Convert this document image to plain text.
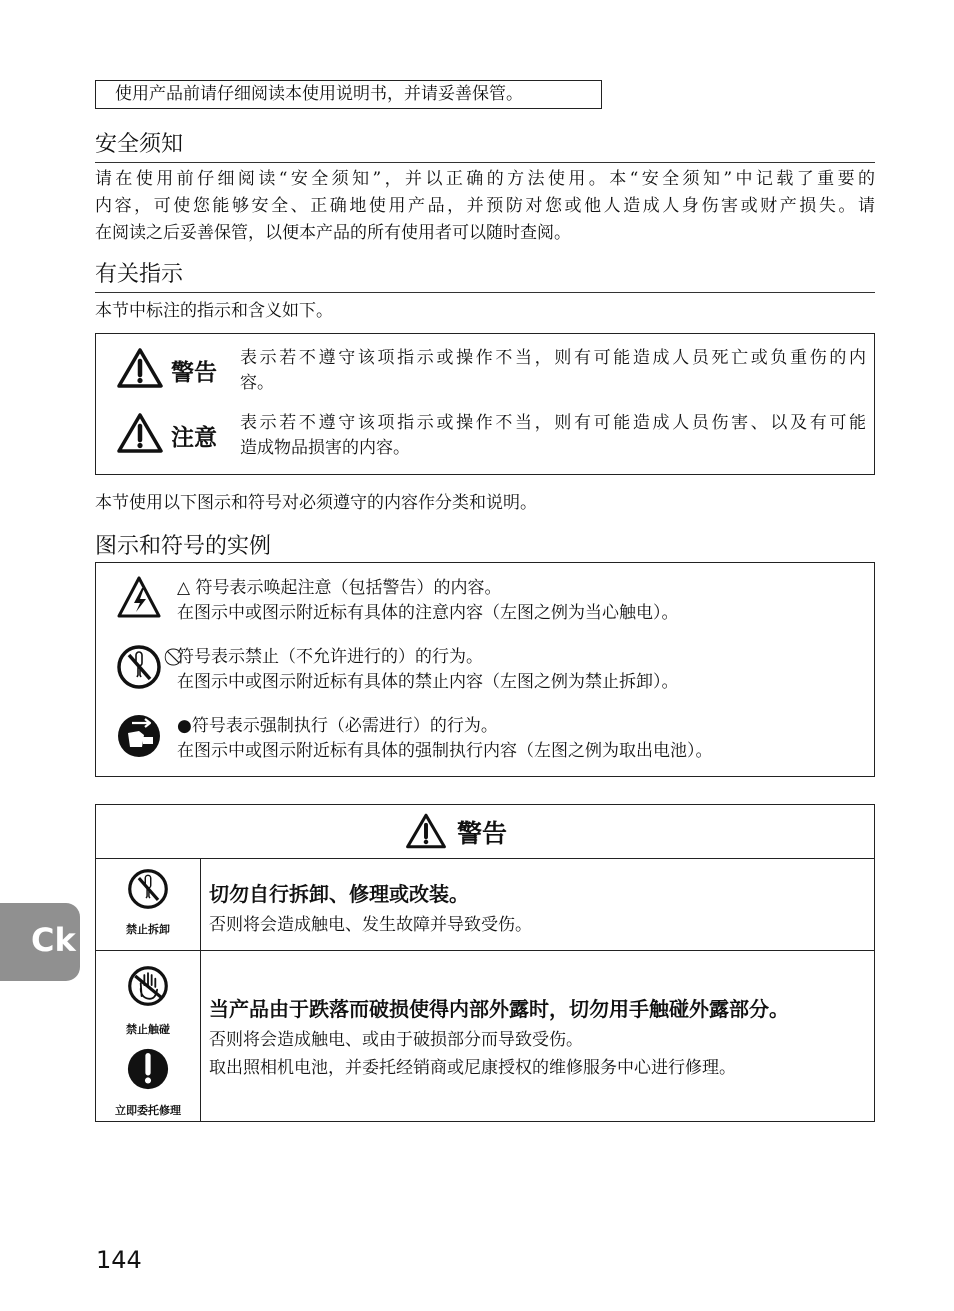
使用产品前请仔细阅读本使用说明书，并请妥善保管。
安全须知
请在使用前仔细阅读“安全须知”，并以正确的方法使用。本“安全须知”中记载了重要的
内容，可使您能够安全、正确地使用产品，并预防对您或他人造成人身伤害或财产损失。请
在阅读之后妥善保管，以便本产品的所有使用者可以随时查阅。
有关指示
本节中标注的指示和含义如下。
警告
表示若不遵守该项指示或操作不当，则有可能造成人员死亡或负重伤的内
容。
注意
表示若不遵守该项指示或操作不当，则有可能造成人员伤害、以及有可能
造成物品损害的内容。
本节使用以下图示和符号对必须遵守的内容作分类和说明。
图示和符号的实例
△ 符号表示唤起注意（包括警告）的内容。
在图示中或图示附近标有具体的注意内容（左图之例为当心触电）。
⃠符号表示禁止（不允许进行的）的行为。
在图示中或图示附近标有具体的禁止内容（左图之例为禁止拆卸）。
●符号表示强制执行（必需进行）的行为。
在图示中或图示附近标有具体的强制执行内容（左图之例为取出电池）。
警告
禁止拆卸
切勿自行拆卸、修理或改装。
否则将会造成触电、发生故障并导致受伤。
禁止触碰
立即委托修理
当产品由于跌落而破损使得内部外露时，切勿用手触碰外露部分。
否则将会造成触电、或由于破损部分而导致受伤。
取出照相机电池，并委托经销商或尼康授权的维修服务中心进行修理。
Ck
144
